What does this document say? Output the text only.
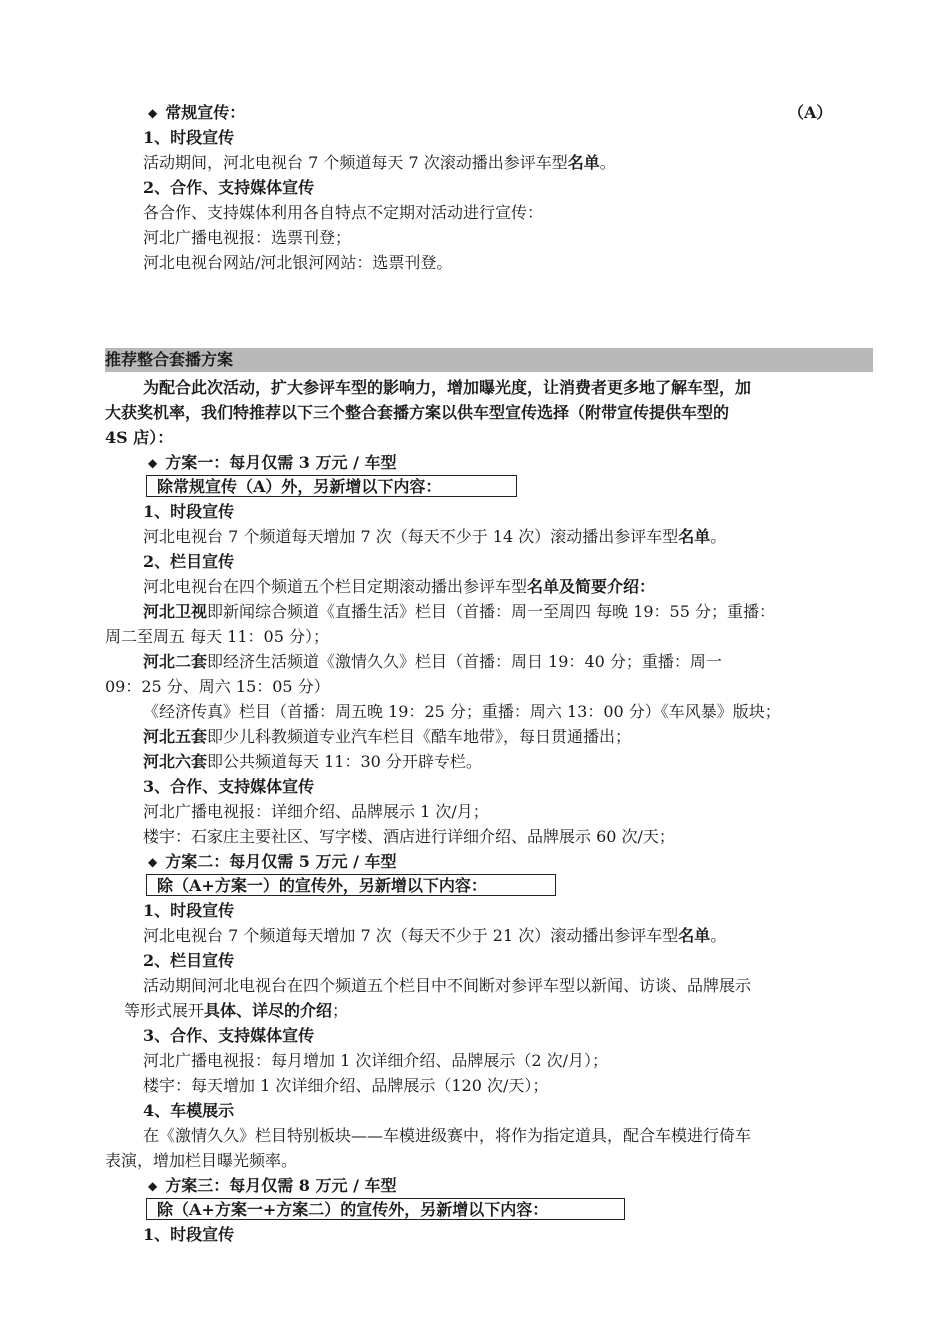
◆ 常规宣传：	（A）
1、时段宣传
活动期间，河北电视台 7 个频道每天 7 次滚动播出参评车型名单。
2、合作、支持媒体宣传
各合作、支持媒体利用各自特点不定期对活动进行宣传：
河北广播电视报：选票刊登；
河北电视台网站/河北银河网站：选票刊登。
推荐整合套播方案
为配合此次活动，扩大参评车型的影响力，增加曝光度，让消费者更多地了解车型，加
大获奖机率，我们特推荐以下三个整合套播方案以供车型宣传选择（附带宣传提供车型的
4S 店）：
◆ 方案一：每月仅需 3 万元 / 车型
除常规宣传（A）外，另新增以下内容：
1、时段宣传
河北电视台 7 个频道每天增加 7 次（每天不少于 14 次）滚动播出参评车型名单。
2、栏目宣传
河北电视台在四个频道五个栏目定期滚动播出参评车型名单及简要介绍：
河北卫视即新闻综合频道《直播生活》栏目（首播：周一至周四 每晚 19：55 分；重播：
周二至周五 每天 11：05 分）；
河北二套即经济生活频道《激情久久》栏目（首播：周日 19：40 分；重播：周一
09：25 分、周六 15：05 分）
《经济传真》栏目（首播：周五晚 19：25 分；重播：周六 13：00 分）《车风暴》版块；
河北五套即少儿科教频道专业汽车栏目《酷车地带》，每日贯通播出；
河北六套即公共频道每天 11：30 分开辟专栏。
3、合作、支持媒体宣传
河北广播电视报：详细介绍、品牌展示 1 次/月；
楼宇：石家庄主要社区、写字楼、酒店进行详细介绍、品牌展示 60 次/天；
◆ 方案二：每月仅需 5 万元 / 车型
除（A+方案一）的宣传外，另新增以下内容：
1、时段宣传
河北电视台 7 个频道每天增加 7 次（每天不少于 21 次）滚动播出参评车型名单。
2、栏目宣传
活动期间河北电视台在四个频道五个栏目中不间断对参评车型以新闻、访谈、品牌展示
等形式展开具体、详尽的介绍；
3、合作、支持媒体宣传
河北广播电视报：每月增加 1 次详细介绍、品牌展示（2 次/月）；
楼宇：每天增加 1 次详细介绍、品牌展示（120 次/天）；
4、车模展示
在《激情久久》栏目特别板块——车模进级赛中，将作为指定道具，配合车模进行倚车
表演，增加栏目曝光频率。
◆ 方案三：每月仅需 8 万元 / 车型
除（A+方案一+方案二）的宣传外，另新增以下内容：
1、时段宣传
